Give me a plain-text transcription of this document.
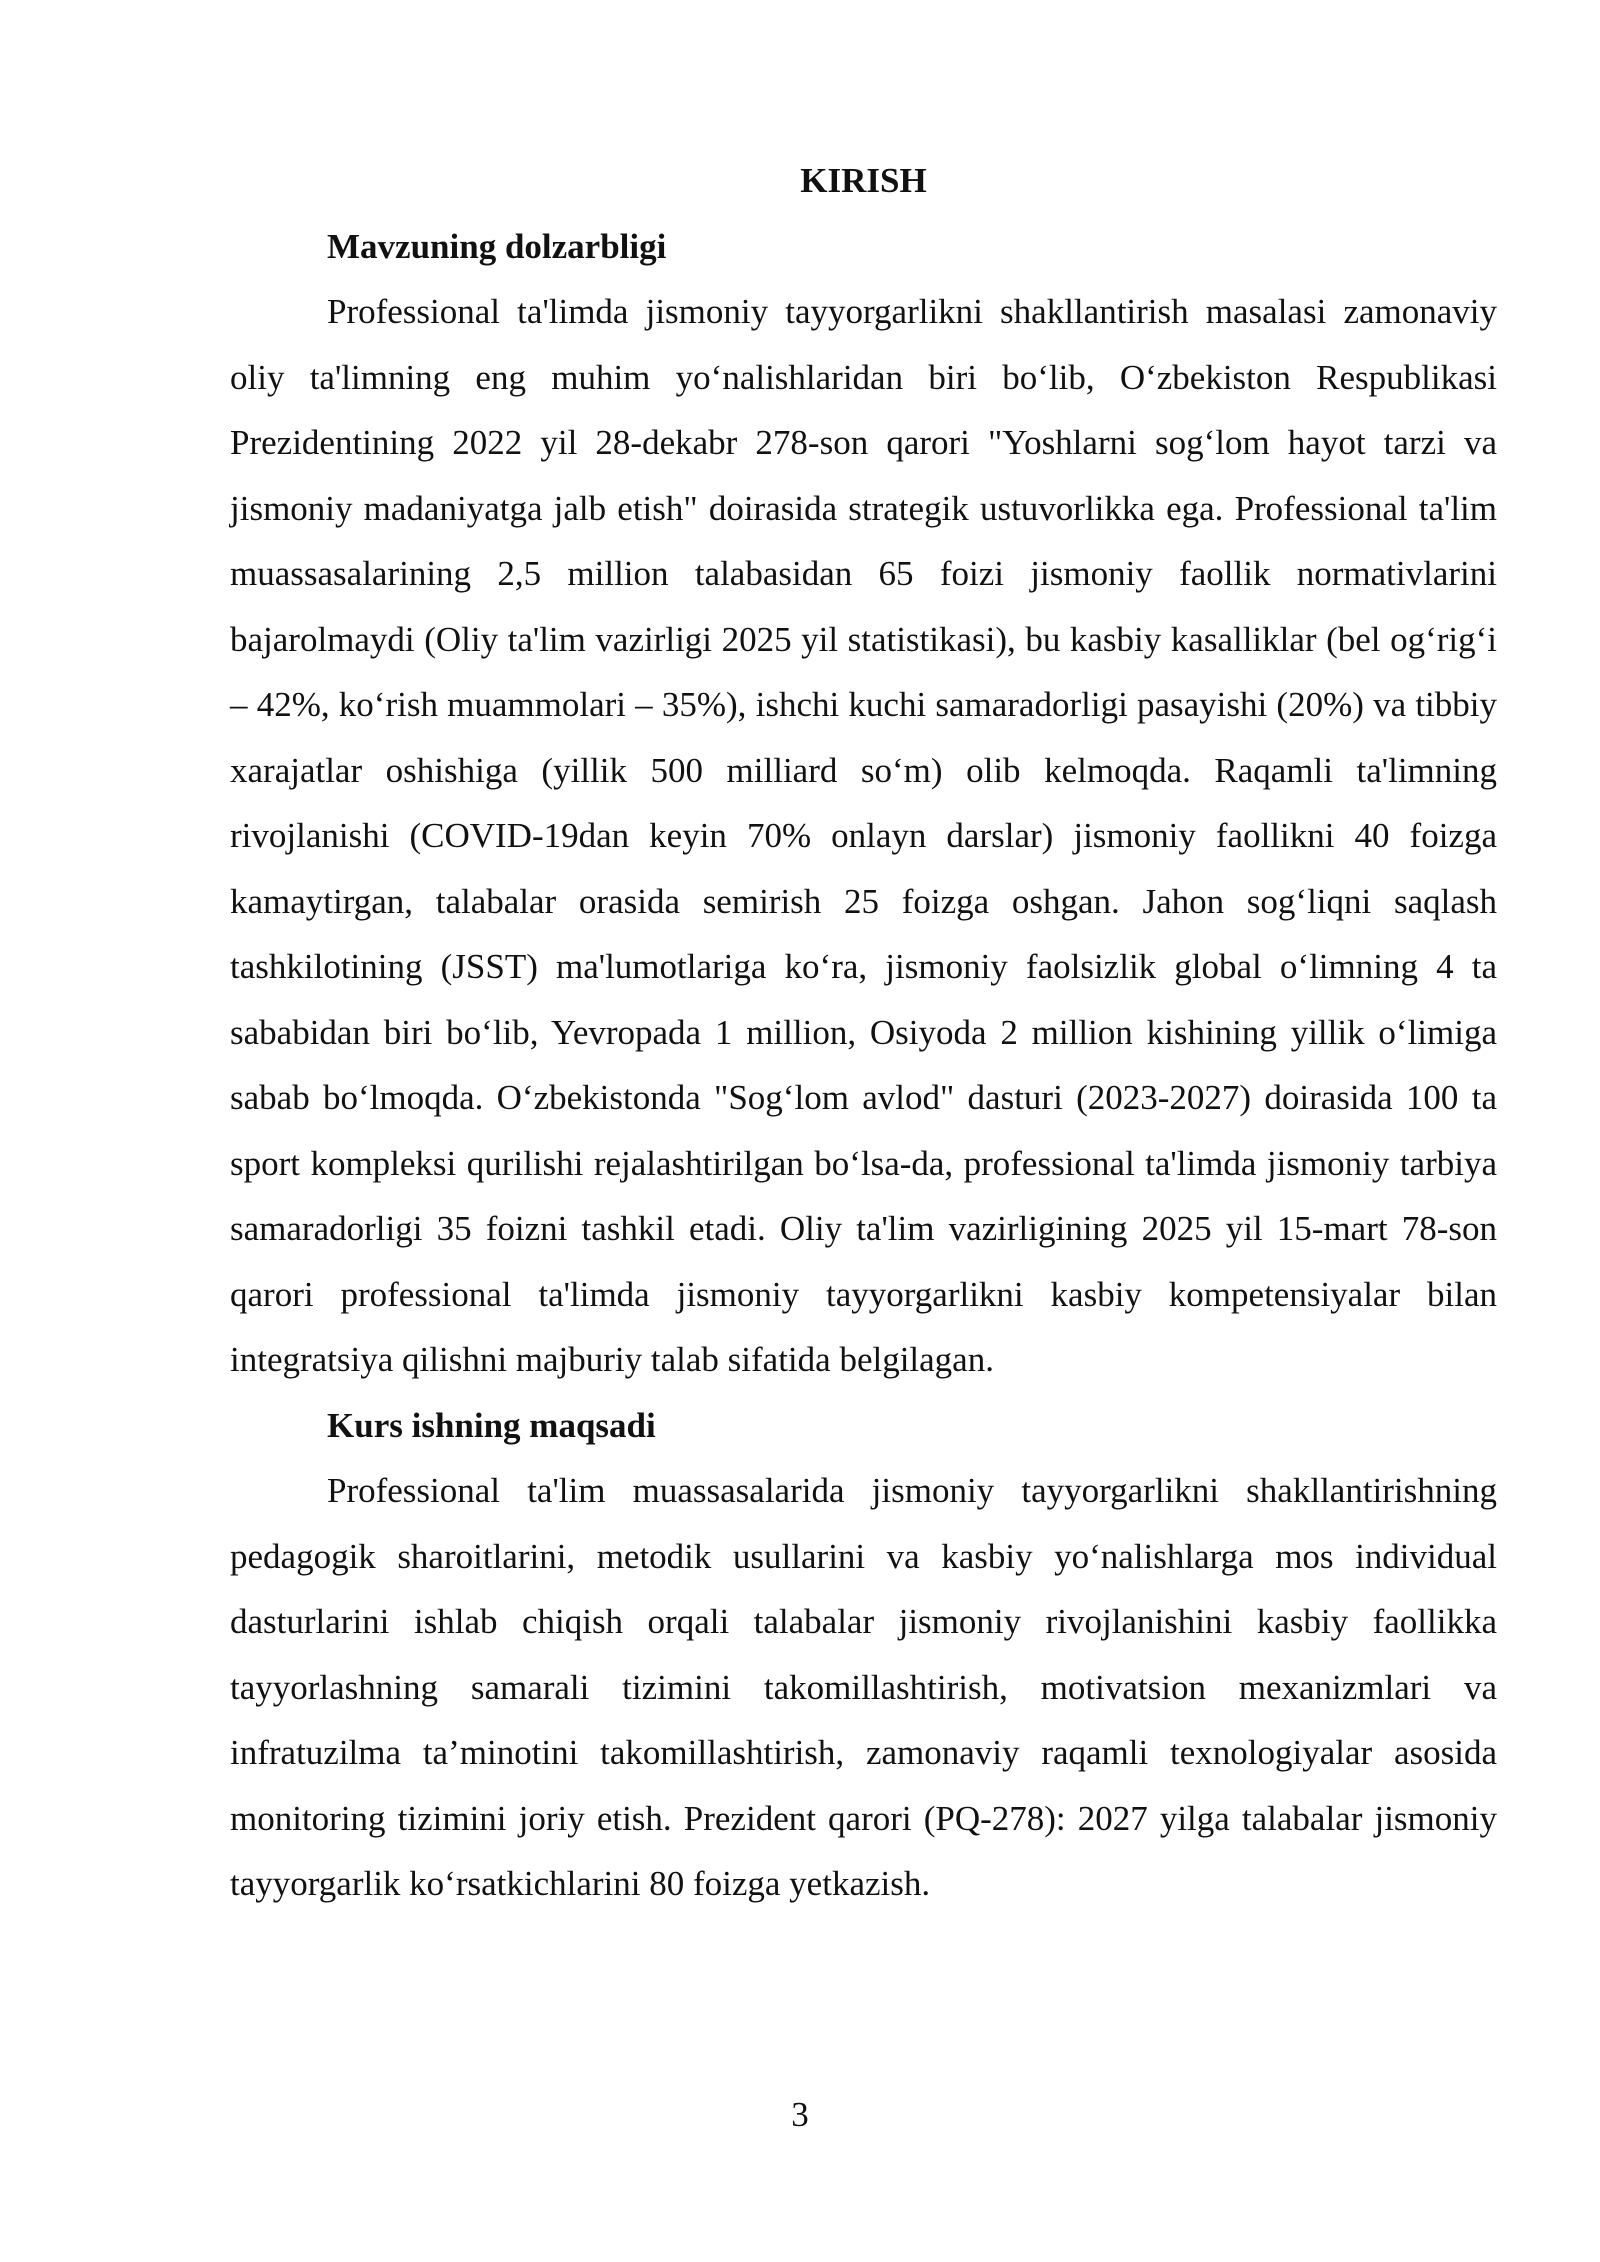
KIRISH
Mavzuning dolzarbligi

Professional ta'limda jismoniy tayyorgarlikni shakllantirish masalasi zamonaviy oliy ta'limning eng muhim yo‘nalishlaridan biri bo‘lib, O‘zbekiston Respublikasi Prezidentining 2022 yil 28-dekabr 278-son qarori "Yoshlarni sog‘lom hayot tarzi va jismoniy madaniyatga jalb etish" doirasida strategik ustuvorlikka ega. Professional ta'lim muassasalarining 2,5 million talabasidan 65 foizi jismoniy faollik normativlarini bajarolmaydi (Oliy ta'lim vazirligi 2025 yil statistikasi), bu kasbiy kasalliklar (bel og‘rig‘i – 42%, ko‘rish muammolari – 35%), ishchi kuchi samaradorligi pasayishi (20%) va tibbiy xarajatlar oshishiga (yillik 500 milliard so‘m) olib kelmoqda. Raqamli ta'limning rivojlanishi (COVID-19dan keyin 70% onlayn darslar) jismoniy faollikni 40 foizga kamaytirgan, talabalar orasida semirish 25 foizga oshgan. Jahon sog‘liqni saqlash tashkilotining (JSST) ma'lumotlariga ko‘ra, jismoniy faolsizlik global o‘limning 4 ta sababidan biri bo‘lib, Yevropada 1 million, Osiyoda 2 million kishining yillik o‘limiga sabab bo‘lmoqda. O‘zbekistonda "Sog‘lom avlod" dasturi (2023-2027) doirasida 100 ta sport kompleksi qurilishi rejalashtirilgan bo‘lsa-da, professional ta'limda jismoniy tarbiya samaradorligi 35 foizni tashkil etadi. Oliy ta'lim vazirligining 2025 yil 15-mart 78-son qarori professional ta'limda jismoniy tayyorgarlikni kasbiy kompetensiyalar bilan integratsiya qilishni majburiy talab sifatida belgilagan.

Kurs ishning maqsadi

Professional ta'lim muassasalarida jismoniy tayyorgarlikni shakllantirishning pedagogik sharoitlarini, metodik usullarini va kasbiy yo‘nalishlarga mos individual dasturlarini ishlab chiqish orqali talabalar jismoniy rivojlanishini kasbiy faollikka tayyorlashning samarali tizimini takomillashtirish, motivatsion mexanizmlari va infratuzilma ta’minotini takomillashtirish, zamonaviy raqamli texnologiyalar asosida monitoring tizimini joriy etish. Prezident qarori (PQ-278): 2027 yilga talabalar jismoniy tayyorgarlik ko‘rsatkichlarini 80 foizga yetkazish.

3
